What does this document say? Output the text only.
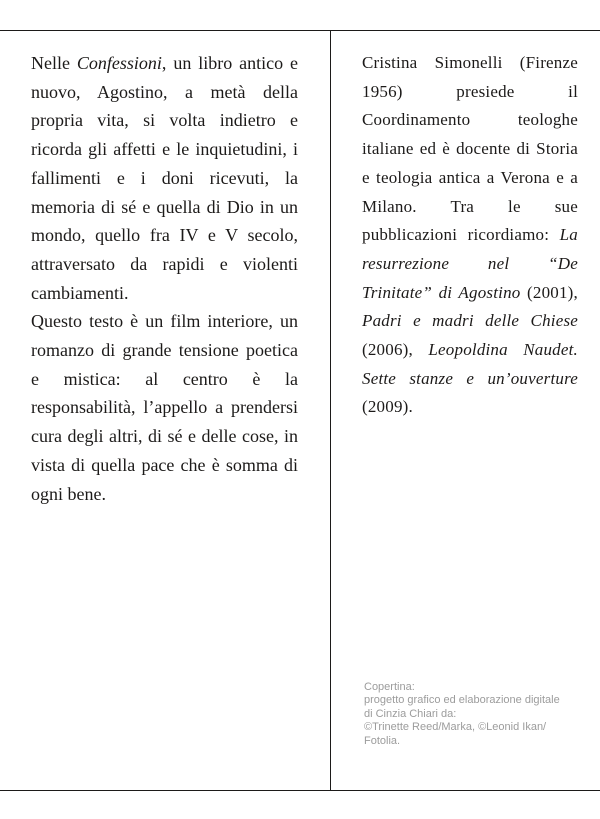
Nelle Confessioni, un libro antico e nuovo, Agostino, a metà della propria vita, si volta indietro e ricorda gli affetti e le inquietudini, i fallimenti e i doni ricevuti, la memoria di sé e quella di Dio in un mondo, quello fra IV e V secolo, attraversato da rapidi e violenti cambiamenti.

Questo testo è un film interiore, un romanzo di grande tensione poetica e mistica: al centro è la responsabilità, l’appello a prendersi cura degli altri, di sé e delle cose, in vista di quella pace che è somma di ogni bene.

Cristina Simonelli (Firenze 1956) presiede il Coordinamento teologhe italiane ed è docente di Storia e teologia antica a Verona e a Milano. Tra le sue pubblicazioni ricordiamo: La resurrezione nel “De Trinitate” di Agostino (2001), Padri e madri delle Chiese (2006), Leopoldina Naudet. Sette stanze e un’ouverture (2009).

Copertina:
progetto grafico ed elaborazione digitale
di Cinzia Chiari da:
©Trinette Reed/Marka, ©Leonid Ikan/
Fotolia.
